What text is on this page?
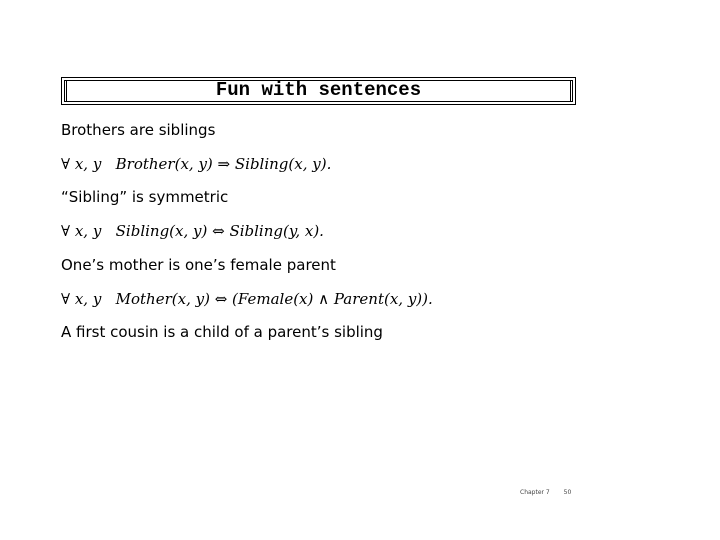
Fun with sentences
Brothers are siblings
∀ x, y Brother(x, y) ⇒ Sibling(x, y).
“Sibling” is symmetric
∀ x, y Sibling(x, y) ⇔ Sibling(y, x).
One’s mother is one’s female parent
∀ x, y Mother(x, y) ⇔ (Female(x) ∧ Parent(x, y)).
A first cousin is a child of a parent’s sibling
Chapter 7 50
